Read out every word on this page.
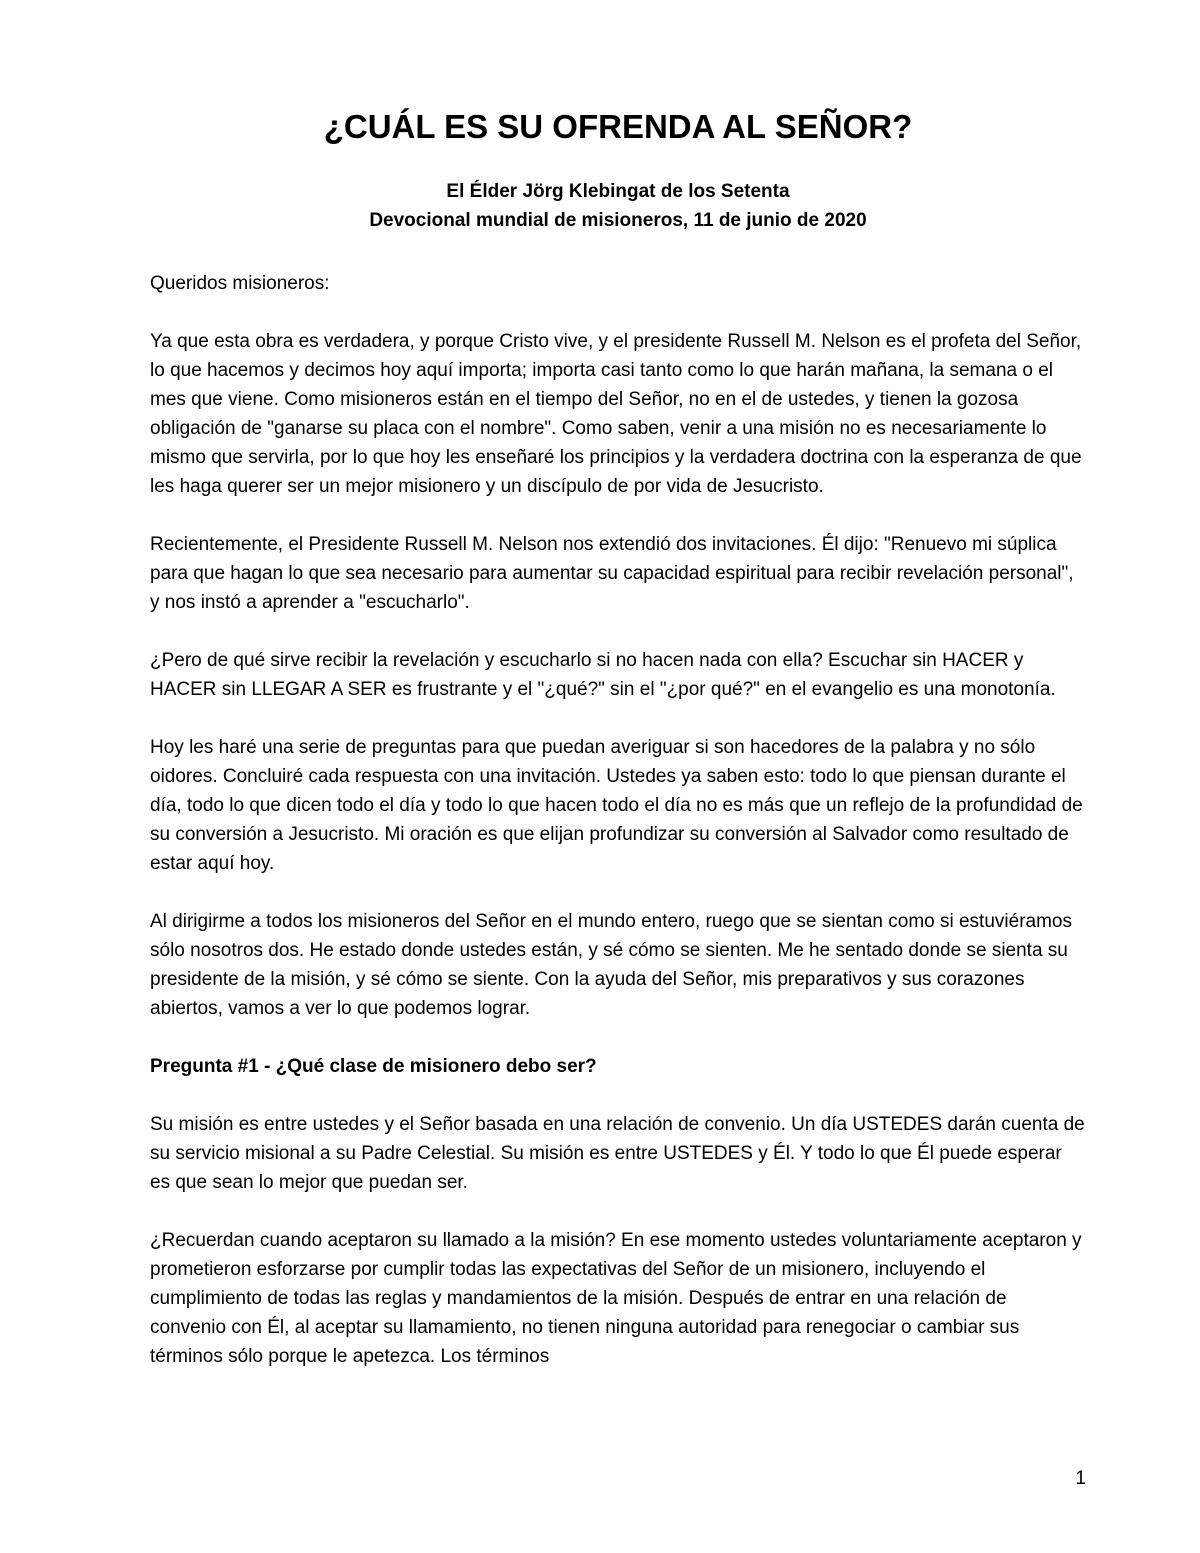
¿CUÁL ES SU OFRENDA AL SEÑOR?

El Élder Jörg Klebingat de los Setenta

Devocional mundial de misioneros, 11 de junio de 2020

Queridos misioneros:

Ya que esta obra es verdadera, y porque Cristo vive, y el presidente Russell M. Nelson es el profeta del Señor, lo que hacemos y decimos hoy aquí importa; importa casi tanto como lo que harán mañana, la semana o el mes que viene. Como misioneros están en el tiempo del Señor, no en el de ustedes, y tienen la gozosa obligación de "ganarse su placa con el nombre". Como saben, venir a una misión no es necesariamente lo mismo que servirla, por lo que hoy les enseñaré los principios y la verdadera doctrina con la esperanza de que les haga querer ser un mejor misionero y un discípulo de por vida de Jesucristo.

Recientemente, el Presidente Russell M. Nelson nos extendió dos invitaciones. Él dijo: "Renuevo mi súplica para que hagan lo que sea necesario para aumentar su capacidad espiritual para recibir revelación personal", y nos instó a aprender a "escucharlo".

¿Pero de qué sirve recibir la revelación y escucharlo si no hacen nada con ella? Escuchar sin HACER y HACER sin LLEGAR A SER es frustrante y el "¿qué?" sin el "¿por qué?" en el evangelio es una monotonía.

Hoy les haré una serie de preguntas para que puedan averiguar si son hacedores de la palabra y no sólo oidores. Concluiré cada respuesta con una invitación. Ustedes ya saben esto: todo lo que piensan durante el día, todo lo que dicen todo el día y todo lo que hacen todo el día no es más que un reflejo de la profundidad de su conversión a Jesucristo. Mi oración es que elijan profundizar su conversión al Salvador como resultado de estar aquí hoy.

Al dirigirme a todos los misioneros del Señor en el mundo entero, ruego que se sientan como si estuviéramos sólo nosotros dos. He estado donde ustedes están, y sé cómo se sienten. Me he sentado donde se sienta su presidente de la misión, y sé cómo se siente. Con la ayuda del Señor, mis preparativos y sus corazones abiertos, vamos a ver lo que podemos lograr.

Pregunta #1 - ¿Qué clase de misionero debo ser?

Su misión es entre ustedes y el Señor basada en una relación de convenio. Un día USTEDES darán cuenta de su servicio misional a su Padre Celestial. Su misión es entre USTEDES y Él. Y todo lo que Él puede esperar es que sean lo mejor que puedan ser.

¿Recuerdan cuando aceptaron su llamado a la misión? En ese momento ustedes voluntariamente aceptaron y prometieron esforzarse por cumplir todas las expectativas del Señor de un misionero, incluyendo el cumplimiento de todas las reglas y mandamientos de la misión. Después de entrar en una relación de convenio con Él, al aceptar su llamamiento, no tienen ninguna autoridad para renegociar o cambiar sus términos sólo porque le apetezca. Los términos

1
